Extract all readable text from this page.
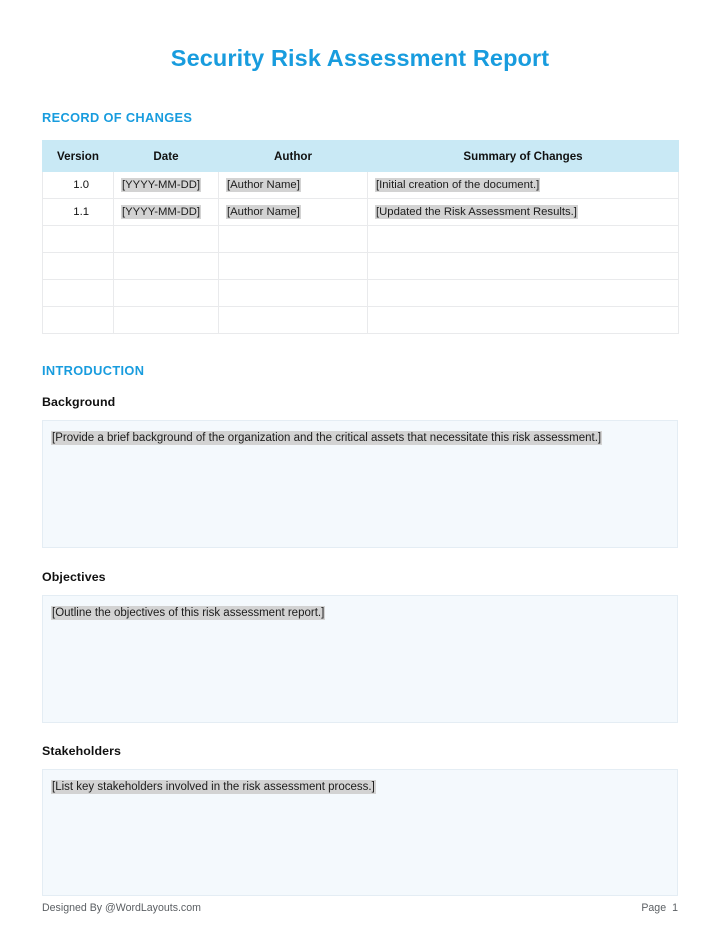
Security Risk Assessment Report
RECORD OF CHANGES
Version	Date	Author	Summary of Changes
1.0	[YYYY-MM-DD]	[Author Name]	[Initial creation of the document.]
1.1	[YYYY-MM-DD]	[Author Name]	[Updated the Risk Assessment Results.]

INTRODUCTION
Background
[Provide a brief background of the organization and the critical assets that necessitate this risk assessment.]
Objectives
[Outline the objectives of this risk assessment report.]
Stakeholders
[List key stakeholders involved in the risk assessment process.]
Designed By @WordLayouts.com	Page 1
